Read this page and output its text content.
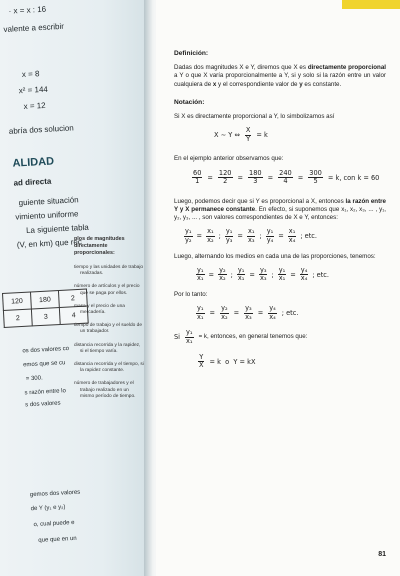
· x = x : 16
valente a escribir
x = 8
x² = 144
x = 12
abría dos solucion
ALIDAD
ad directa
guiente situación
vimiento uniforme
La siguiente tabla
(V, en km) que rec
os dos valores co
emos que se cu
= 300.
s razón entre lo
s dos valores
gemos dos valores
de Y (y₁ e y₂)
o, cual puede e
que que en un
120	180	2
2	3	4
plos de magnitudes directamente proporcionales:
tiempo y las unidades de trabajo realizadas.
número de artículos y el precio que se paga por ellos.
masa y el precio de una mercadería.
tiempo de trabajo y el sueldo de un trabajador.
distancia recorrida y la rapidez, si el tiempo varía.
distancia recorrida y el tiempo, si la rapidez constante.
número de trabajadores y el trabajo realizado en un mismo período de tiempo.
Definición:

Dadas dos magnitudes X e Y, diremos que X es directamente proporcional a Y o que X varía proporcionalmente a Y, si y solo si la razón entre un valor cualquiera de x y el correspondiente valor de y es constante.

Notación:

Si X es directamente proporcional a Y, lo simbolizamos así

X ∼ Y ⇔ $\frac{X}{Y} = k$

En el ejemplo anterior observamos que:

$\frac{60}{1} = \frac{120}{2} = \frac{180}{3} = \frac{240}{4} = \frac{300}{5} = k$, con k = 60

Luego, podemos decir que si Y es proporcional a X, entonces la razón entre Y y X permanece constante. En efecto, si suponemos que x₁, x₂, x₃, ... , y₁, y₂, y₃, ... , son valores correspondientes de X e Y, entonces:

$\frac{\text{y₁}}{\text{y₂}} = \frac{\text{x₁}}{\text{x₂}}$ ; $\frac{\text{y₁}}{\text{y₃}} = \frac{\text{x₁}}{\text{x₃}}$ ; $\frac{\text{y₁}}{\text{y₄}} = \frac{\text{x₁}}{\text{x₄}}$ ; etc.

Luego, alternando los medios en cada una de las proporciones, tenemos:

$\frac{\text{y₁}}{\text{x₁}} = \frac{\text{y₂}}{\text{x₂}}$ ; $\frac{\text{y₁}}{\text{x₁}} = \frac{\text{y₃}}{\text{x₃}}$ ; $\frac{\text{y₁}}{\text{x₁}} = \frac{\text{y₄}}{\text{x₄}}$ ; etc.

Por lo tanto:

$\frac{\text{y₁}}{\text{x₁}} = \frac{\text{y₂}}{\text{x₂}} = \frac{\text{y₃}}{\text{x₃}} = \frac{\text{y₄}}{\text{x₄}}$ ; etc.
Si $\frac{\text{y₁}}{\text{x₁}} = k$, entonces, en general tenemos que:
$\frac{Y}{X} = k$  o  Y = kX
81
